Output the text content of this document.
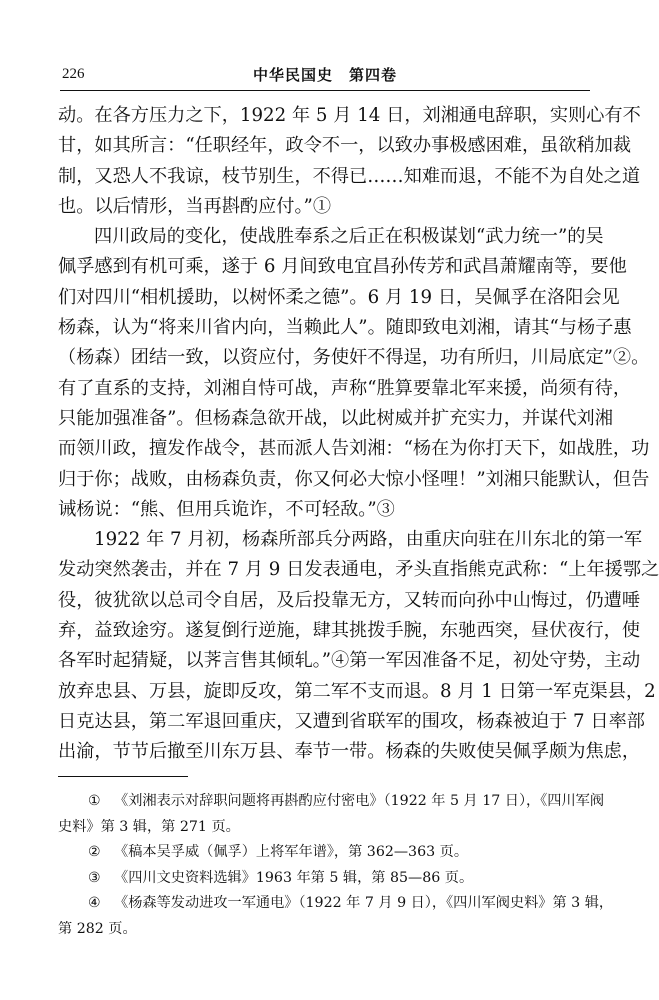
226	中华民国史　第四卷
动。在各方压力之下，1922 年 5 月 14 日，刘湘通电辞职，实则心有不
甘，如其所言：“任职经年，政令不一，以致办事极感困难，虽欲稍加裁
制，又恐人不我谅，枝节别生，不得已……知难而退，不能不为自处之道
也。以后情形，当再斟酌应付。”①
四川政局的变化，使战胜奉系之后正在积极谋划“武力统一”的吴
佩孚感到有机可乘，遂于 6 月间致电宜昌孙传芳和武昌萧耀南等，要他
们对四川“相机援助，以树怀柔之德”。6 月 19 日，吴佩孚在洛阳会见
杨森，认为“将来川省内向，当赖此人”。随即致电刘湘，请其“与杨子惠
（杨森）团结一致，以资应付，务使奸不得逞，功有所归，川局底定”②。
有了直系的支持，刘湘自恃可战，声称“胜算要靠北军来援，尚须有待，
只能加强准备”。但杨森急欲开战，以此树威并扩充实力，并谋代刘湘
而领川政，擅发作战令，甚而派人告刘湘：“杨在为你打天下，如战胜，功
归于你；战败，由杨森负责，你又何必大惊小怪哩！”刘湘只能默认，但告
诫杨说：“熊、但用兵诡诈，不可轻敌。”③
1922 年 7 月初，杨森所部兵分两路，由重庆向驻在川东北的第一军
发动突然袭击，并在 7 月 9 日发表通电，矛头直指熊克武称：“上年援鄂之
役，彼犹欲以总司令自居，及后投靠无方，又转而向孙中山悔过，仍遭唾
弃，益致途穷。遂复倒行逆施，肆其挑拨手腕，东驰西突，昼伏夜行，使
各军时起猜疑，以荠言售其倾轧。”④第一军因准备不足，初处守势，主动
放弃忠县、万县，旋即反攻，第二军不支而退。8 月 1 日第一军克渠县，2
日克达县，第二军退回重庆，又遭到省联军的围攻，杨森被迫于 7 日率部
出渝，节节后撤至川东万县、奉节一带。杨森的失败使吴佩孚颇为焦虑，
① 《刘湘表示对辞职问题将再斟酌应付密电》（1922 年 5 月 17 日），《四川军阀
史料》第 3 辑，第 271 页。
② 《稿本吴孚威（佩孚）上将军年谱》，第 362—363 页。
③ 《四川文史资料选辑》1963 年第 5 辑，第 85—86 页。
④ 《杨森等发动进攻一军通电》（1922 年 7 月 9 日），《四川军阀史料》第 3 辑，
第 282 页。
